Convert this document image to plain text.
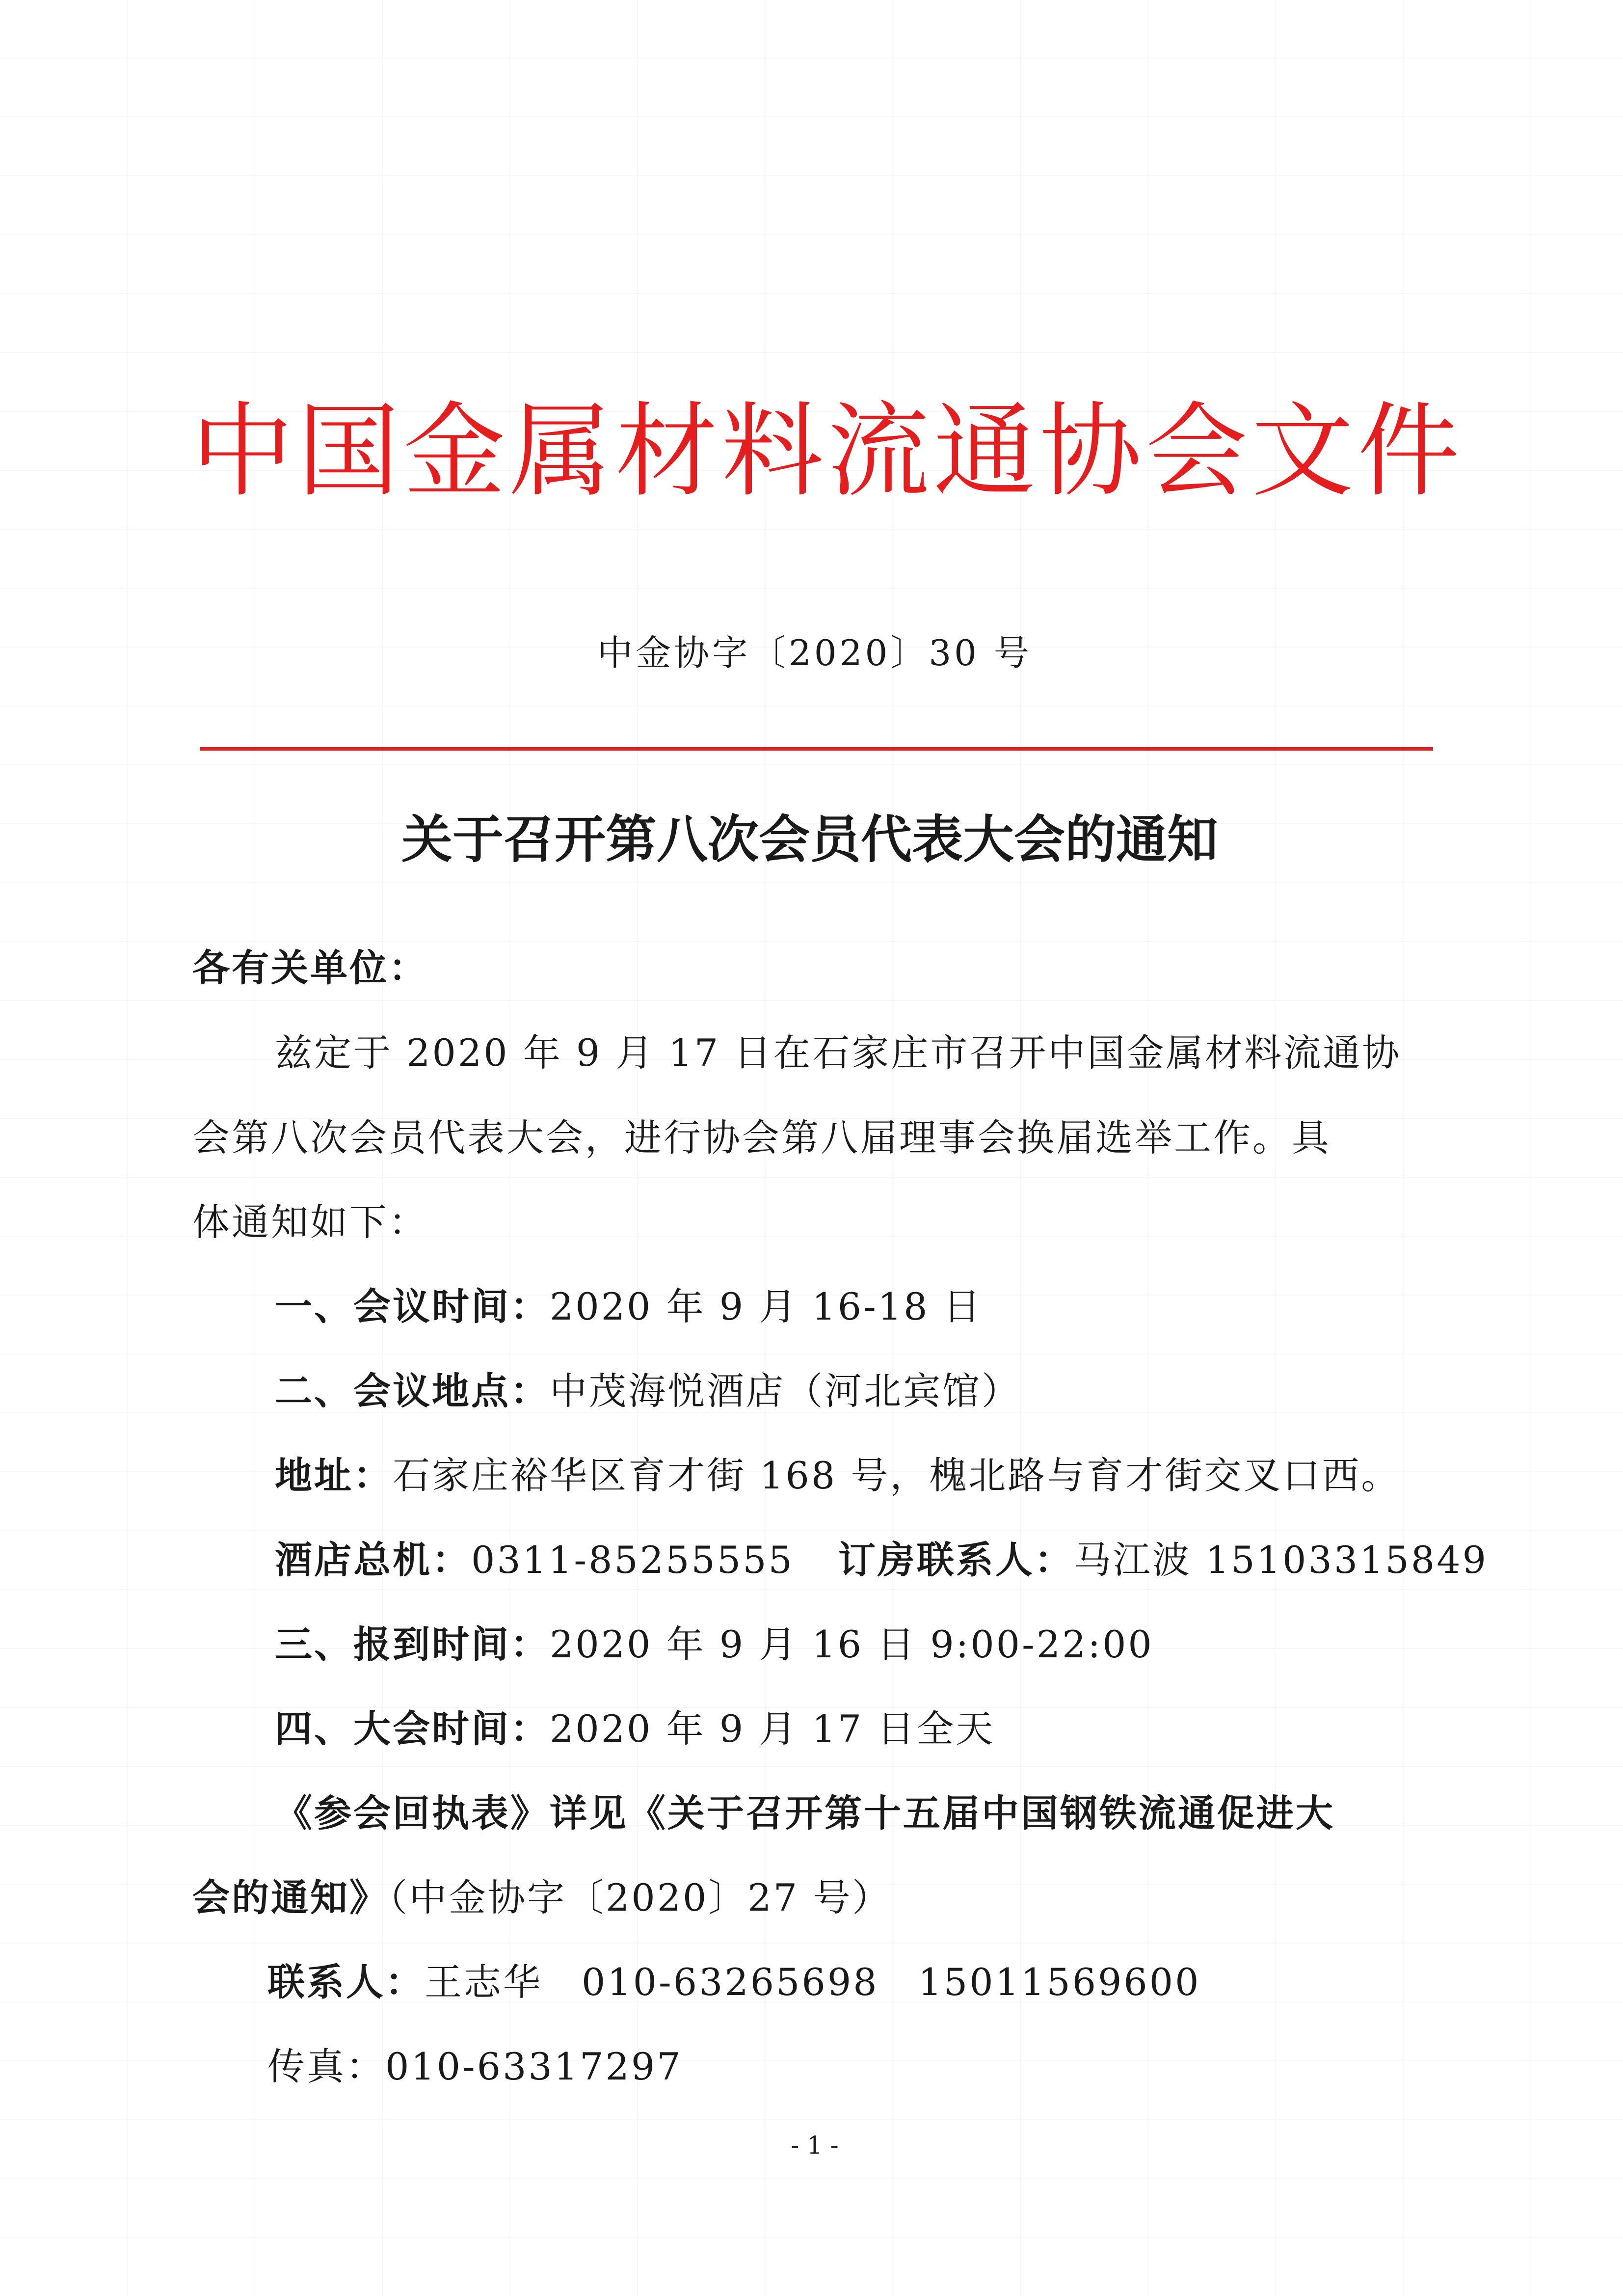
中国金属材料流通协会文件
中金协字〔2020〕30 号
关于召开第八次会员代表大会的通知
各有关单位：
兹定于 2020 年 9 月 17 日在石家庄市召开中国金属材料流通协
会第八次会员代表大会，进行协会第八届理事会换届选举工作。具
体通知如下：
一、会议时间：2020 年 9 月 16-18 日
二、会议地点：中茂海悦酒店（河北宾馆）
地址：石家庄裕华区育才街 168 号，槐北路与育才街交叉口西。
酒店总机：0311-85255555 订房联系人：马江波 15103315849
三、报到时间：2020 年 9 月 16 日 9:00-22:00
四、大会时间：2020 年 9 月 17 日全天
《参会回执表》详见《关于召开第十五届中国钢铁流通促进大
会的通知》（中金协字〔2020〕27 号）
联系人：王志华　010-63265698　15011569600
传真：010-63317297
- 1 -
